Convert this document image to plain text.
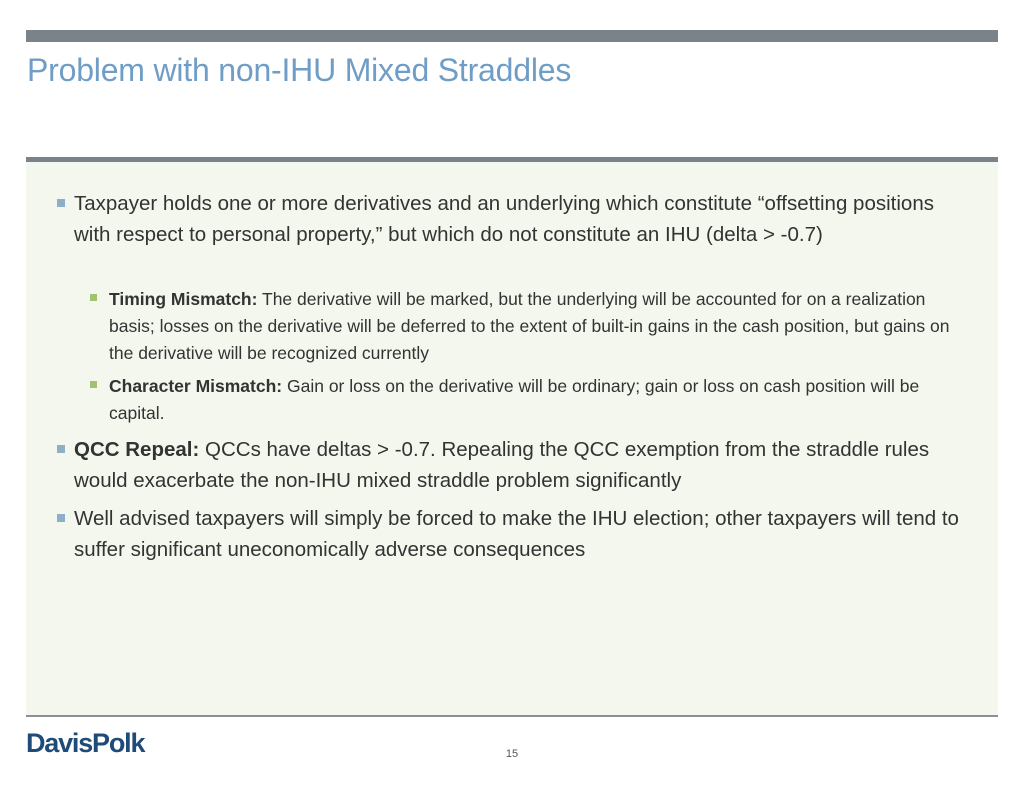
Problem with non-IHU Mixed Straddles
Taxpayer holds one or more derivatives and an underlying which constitute “offsetting positions with respect to personal property,” but which do not constitute an IHU (delta > -0.7)
Timing Mismatch: The derivative will be marked, but the underlying will be accounted for on a realization basis; losses on the derivative will be deferred to the extent of built-in gains in the cash position, but gains on the derivative will be recognized currently
Character Mismatch: Gain or loss on the derivative will be ordinary; gain or loss on cash position will be capital.
QCC Repeal: QCCs have deltas > -0.7. Repealing the QCC exemption from the straddle rules would exacerbate the non-IHU mixed straddle problem significantly
Well advised taxpayers will simply be forced to make the IHU election; other taxpayers will tend to suffer significant uneconomically adverse consequences
DavisPolk	15
